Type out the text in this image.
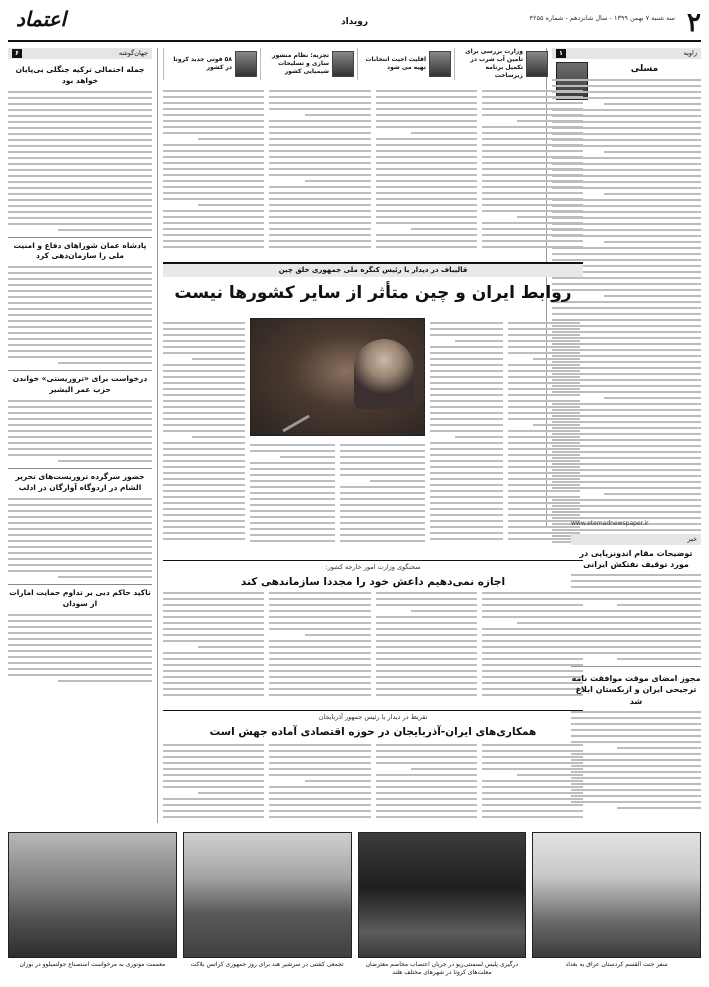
۲
سه شنبه ۷ بهمن ۱۳۹۹ - سال شانزدهم - شماره ۴۲۵۵
رویداد
اعتماد
زاویه
۱
مسلی
وزارت بررسی برای تامین آب شرب در تکمیل برنامه زیرساخت
اقلیت احیت انتخابات تهیه می شود
تجربه: نظام منشور سازی و تسلیحات شیمیایی کشور
۵۸ فوتی جدید کرونا در کشور
قالیباف در دیدار با رئیس کنگره ملی جمهوری خلق چین
روابط ایران و چین متأثر از سایر کشورها نیست
سخنگوی وزارت امور خارجه کشور:
اجازه نمی‌دهیم داعش خود را مجددا سازماندهی کند
تقریظ در دیدار با رئیس جمهور آذربایجان
همکاری‌های ایران-آذربایجان در حوزه اقتصادی آماده جهش است
www.etemadnewspaper.ir
خبر
توضیحات مقام اندونزیایی در مورد توقیف نفتکش ایرانی
مجوز امضای موقت موافقت نامه ترجیحی ایران و ازبکستان ابلاغ شد
جهان‌گوشه
۶
جمله احتمالی ترکیه جنگلی بی‌پایان خواهد بود
پادشاه عمان شوراهای دفاع و امنیت ملی را سازمان‌دهی کرد
درخواست برای «تروریستی» خواندن حزب عمر البشیر
حضور سرگرده تروریست‌های تحریر الشام در اردوگاه آوارگان در ادلب
تاکید حاکم دبی بر تداوم حمایت امارات از سودان
معممت موتوری به مرخواست استصناع جولتمیلوو در بوزان	تجمعی کشتی در سرشیر هند برای روز جمهوری کراتس‌ بلاکت	درگیری پلیس لسمنتی‌ریو در جریان اعتصاب مخاصم معترضان معلت‌های کرونا در شهرهای مختلف هلند
سفر جنت القسم کردستان عراق به بغداد
